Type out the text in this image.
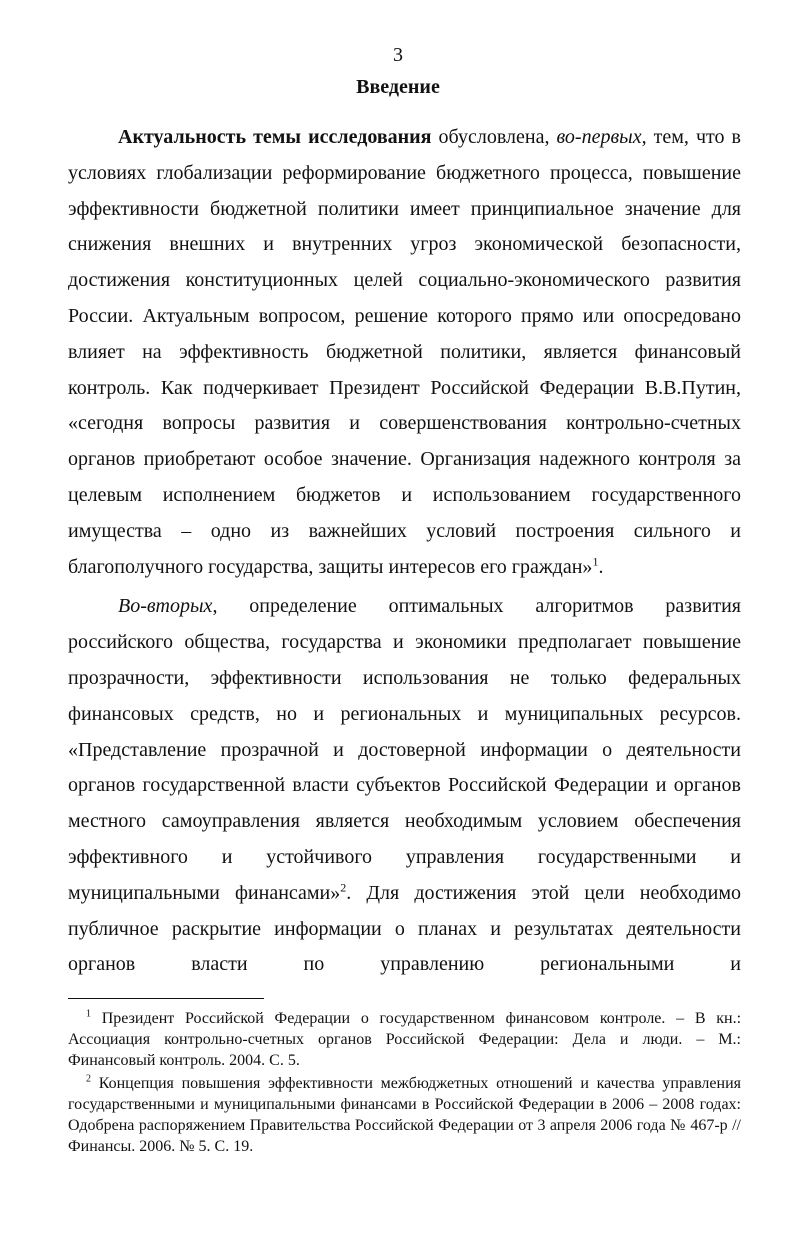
3
Введение

Актуальность темы исследования обусловлена, во-первых, тем, что в условиях глобализации реформирование бюджетного процесса, повышение эффективности бюджетной политики имеет принципиальное значение для снижения внешних и внутренних угроз экономической безопасности, достижения конституционных целей социально-экономического развития России. Актуальным вопросом, решение которого прямо или опосредовано влияет на эффективность бюджетной политики, является финансовый контроль. Как подчеркивает Президент Российской Федерации В.В.Путин, «сегодня вопросы развития и совершенствования контрольно-счетных органов приобретают особое значение. Организация надежного контроля за целевым исполнением бюджетов и использованием государственного имущества – одно из важнейших условий построения сильного и благополучного государства, защиты интересов его граждан»$^1$.

Во-вторых, определение оптимальных алгоритмов развития российского общества, государства и экономики предполагает повышение прозрачности, эффективности использования не только федеральных финансовых средств, но и региональных и муниципальных ресурсов. «Представление прозрачной и достоверной информации о деятельности органов государственной власти субъектов Российской Федерации и органов местного самоуправления является необходимым условием обеспечения эффективного и устойчивого управления государственными и муниципальными финансами»$^2$. Для достижения этой цели необходимо публичное раскрытие информации о планах и результатах деятельности органов власти по управлению региональными и

$^1$ Президент Российской Федерации о государственном финансовом контроле. – В кн.: Ассоциация контрольно-счетных органов Российской Федерации: Дела и люди. – М.: Финансовый контроль. 2004. С. 5.

$^2$ Концепция повышения эффективности межбюджетных отношений и качества управления государственными и муниципальными финансами в Российской Федерации в 2006 – 2008 годах: Одобрена распоряжением Правительства Российской Федерации от 3 апреля 2006 года № 467-р // Финансы. 2006. № 5. С. 19.
